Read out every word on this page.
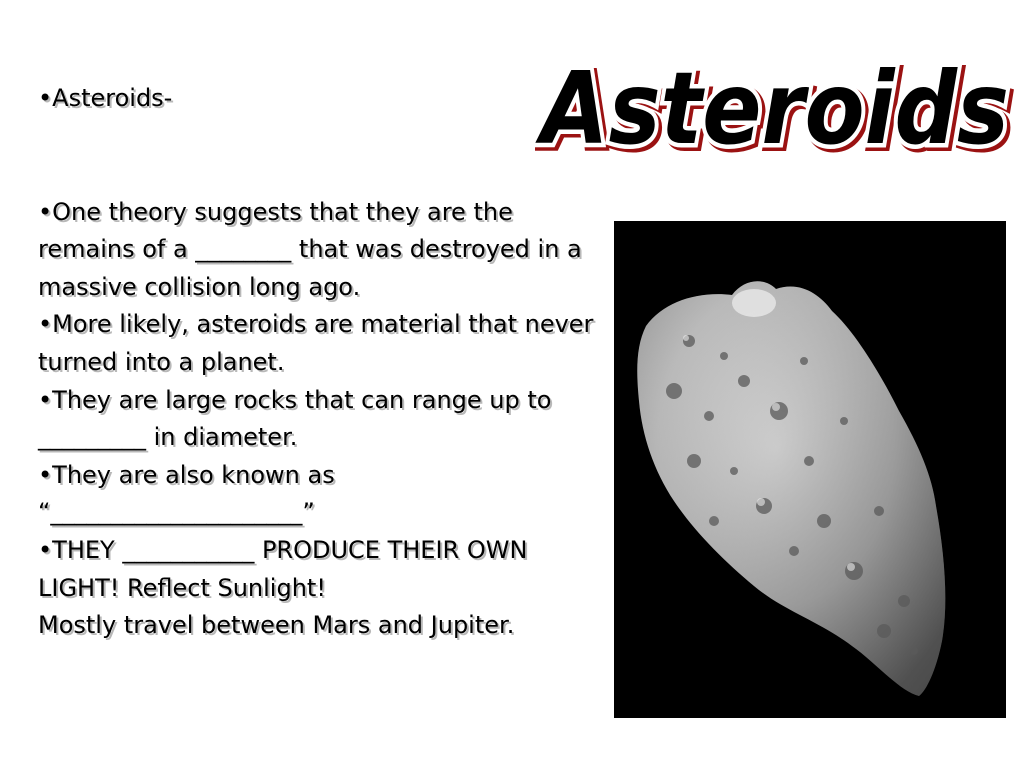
Asteroids
Asteroids
Asteroids

•Asteroids-

•One theory suggests that they are the remains of a ________ that was destroyed in a massive collision long ago.

•More likely, asteroids are material that never turned into a planet.

•They are large rocks that can range up to _________ in diameter.

•They are also known as “_____________________”

•THEY ___________ PRODUCE THEIR OWN LIGHT! Reflect Sunlight!

Mostly travel between Mars and Jupiter.
